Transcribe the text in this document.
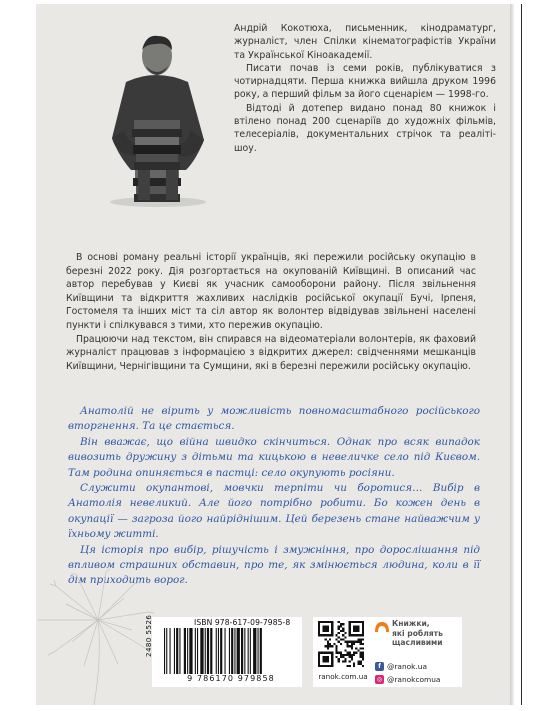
Андрій Кокотюха, письменник, кінодраматург, журналіст, член Спілки кінематографістів України та Української Кіноакадемії.

Писати почав із семи років, публікуватися з чотирнадцяти. Перша книжка вийшла друком 1996 року, а перший фільм за його сценарієм — 1998-го.

Відтоді й дотепер видано понад 80 книжок і втілено понад 200 сценаріїв до художніх фільмів, телесеріалів, документальних стрічок та реаліті-шоу.

В основі роману реальні історії українців, які пережили російську окупацію в березні 2022 року. Дія розгортається на окупованій Київщині. В описаний час автор перебував у Києві як учасник самооборони району. Після звільнення Київщини та відкриття жахливих наслідків російської окупації Бучі, Ірпеня, Гостомеля та інших міст та сіл автор як волонтер відвідував звільнені населені пункти і спілкувався з тими, хто пережив окупацію.

Працюючи над текстом, він спирався на відеоматеріали волонтерів, як фаховий журналіст працював з інформацією з відкритих джерел: свідченнями мешканців Київщини, Чернігівщини та Сумщини, які в березні пережили російську окупацію.

Анатолій не вірить у можливість повномасштабного російського вторгнення. Та це стається.

Він вважає, що війна швидко скінчиться. Однак про всяк випадок вивозить дружину з дітьми та кицькою в невеличке село під Києвом. Там родина опиняється в пастці: село окупують росіяни.

Служити окупантові, мовчки терпіти чи боротися… Вибір в Анатолія невеликий. Але його потрібно робити. Бо кожен день в окупації — загроза його найріднішим. Цей березень стане найважчим у їхньому житті.

Ця історія про вибір, рішучість і змужніння, про дорослішання під впливом страшних обставин, про те, як змінюється людина, коли в її дім приходить ворог.

ISBN 978-617-09-7985-8
2480 5526
9 786170 979858	ranok.com.ua
Книжки,
які роблять
щасливими
f @ranok.ua
◎ @ranokcomua
